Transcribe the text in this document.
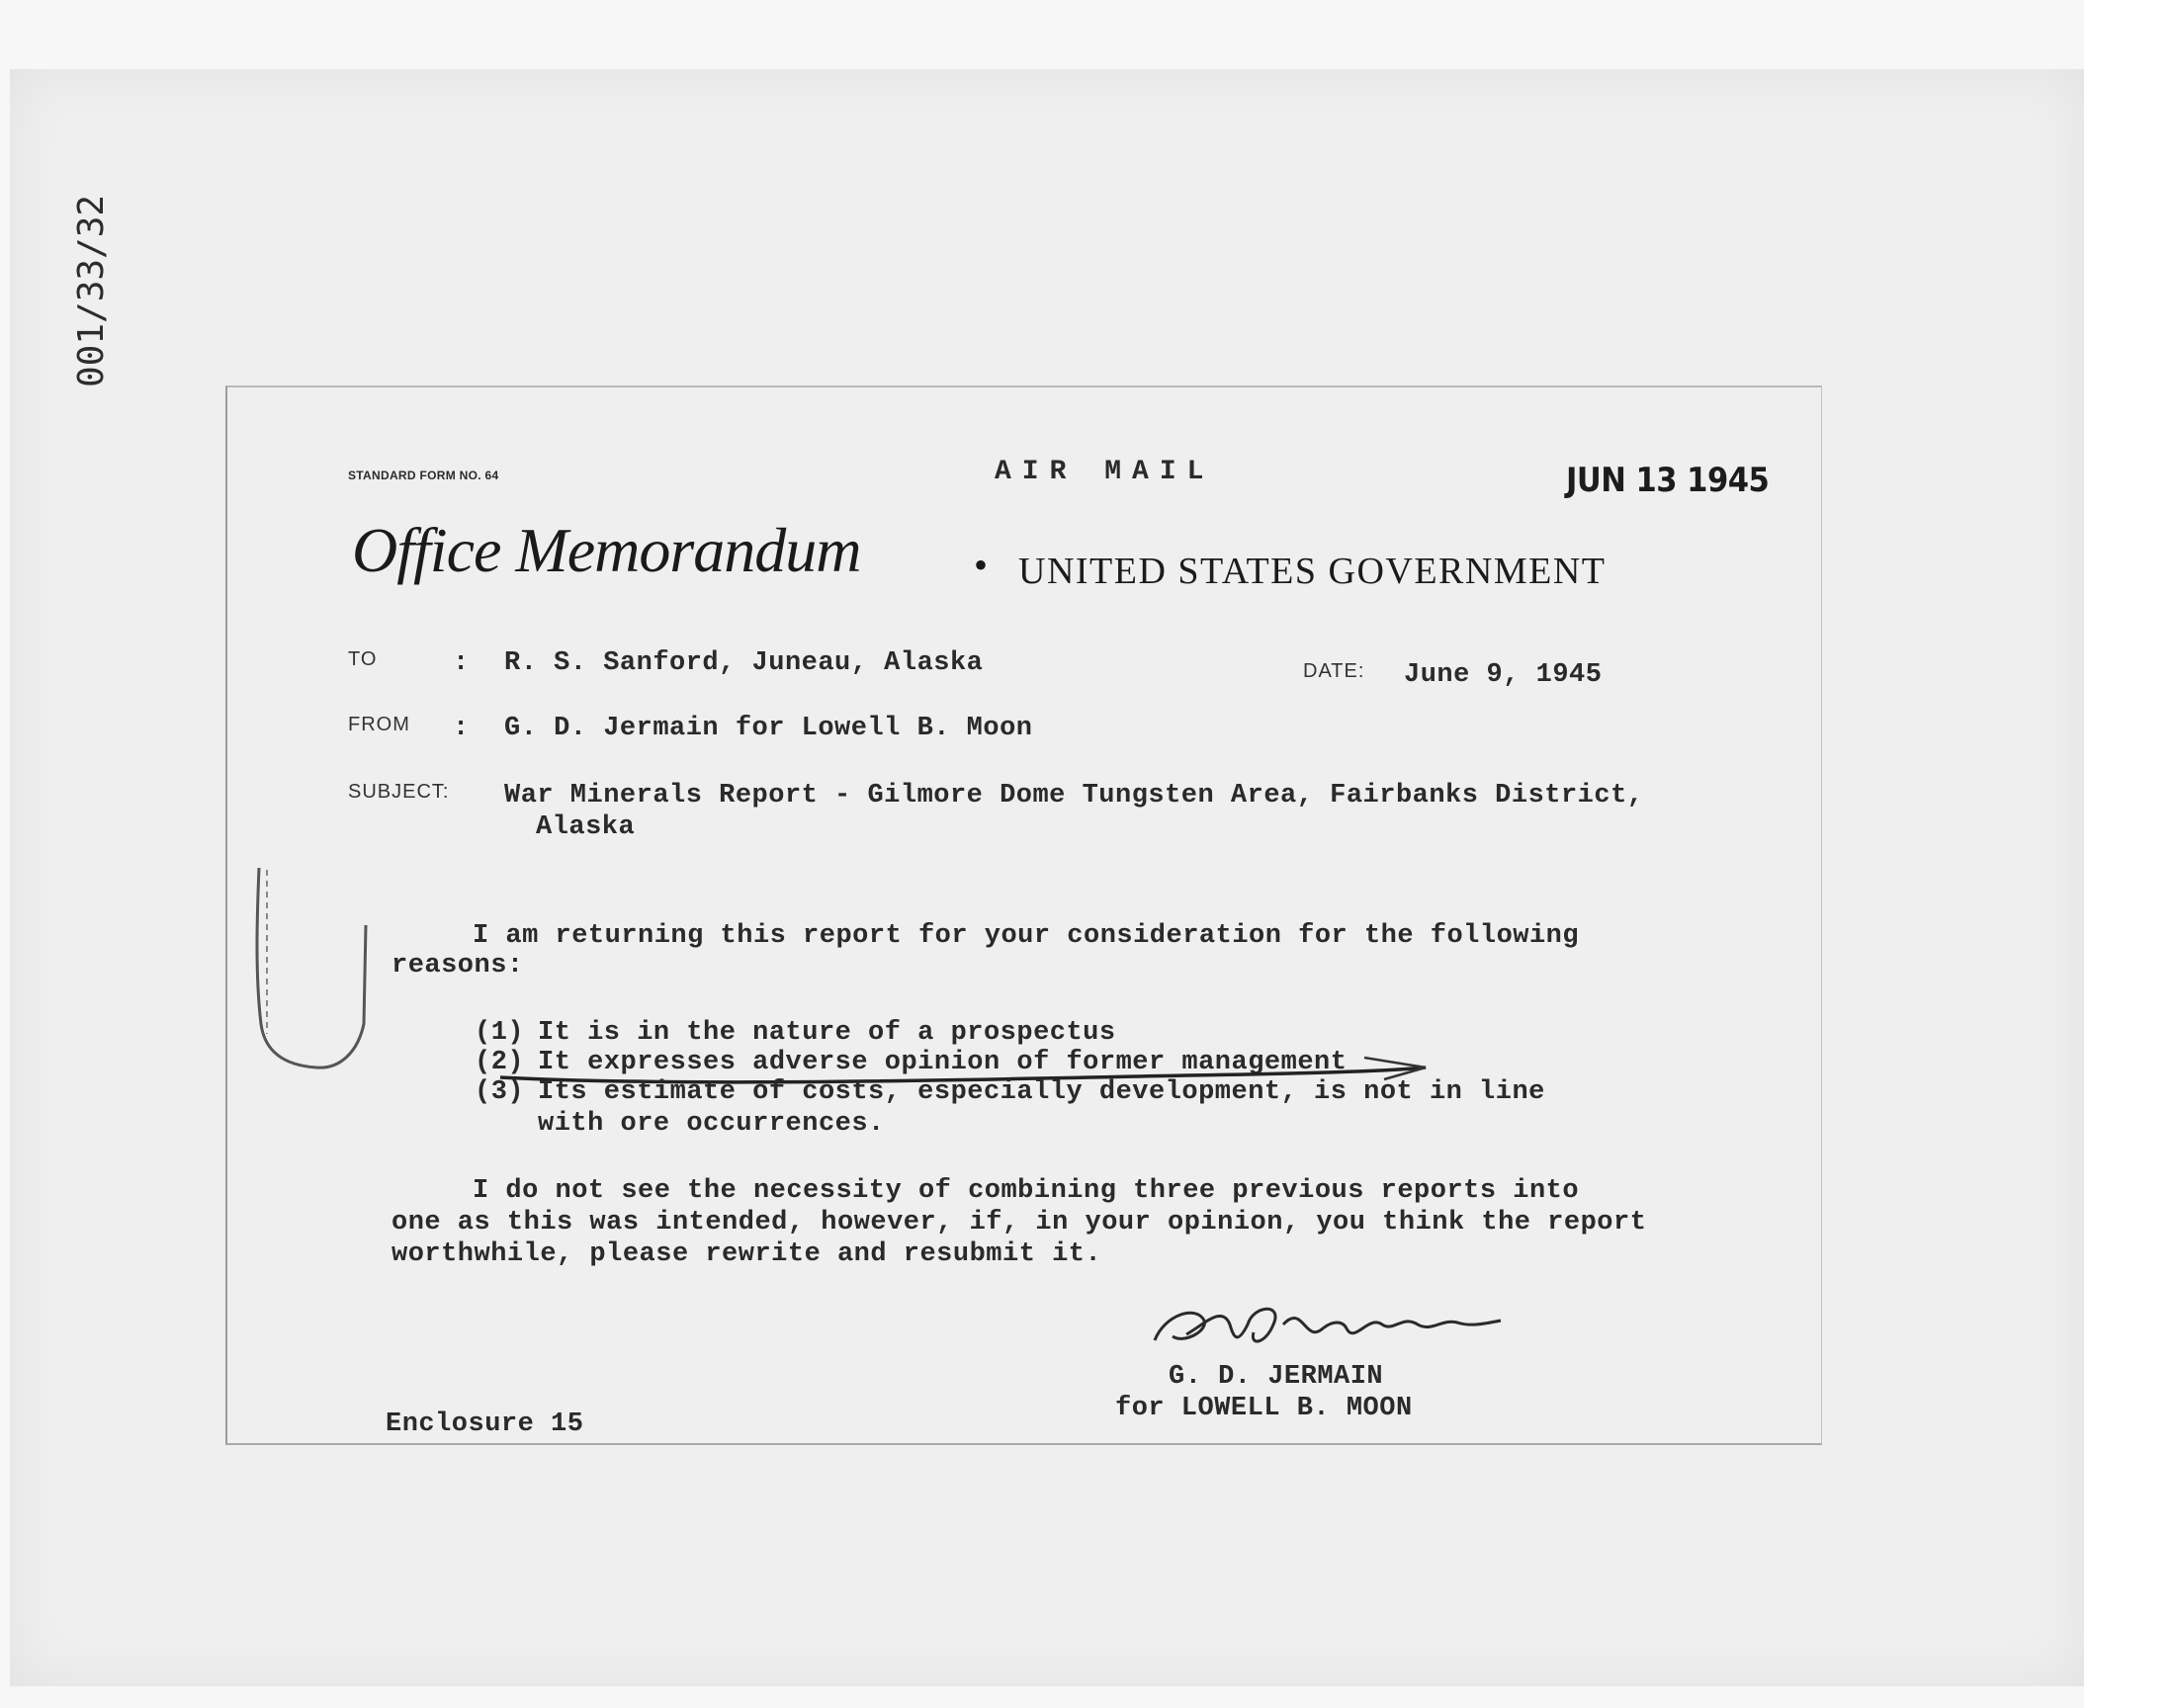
001/33/32
STANDARD FORM NO. 64	AIR MAIL	JUN 13 1945
Office Memorandum	• UNITED STATES GOVERNMENT
TO	: R. S. Sanford, Juneau, Alaska	DATE: June 9, 1945
FROM : G. D. Jermain for Lowell B. Moon
SUBJECT: War Minerals Report - Gilmore Dome Tungsten Area, Fairbanks District,
Alaska
I am returning this report for your consideration for the following
reasons:
(1) It is in the nature of a prospectus
(2) It expresses adverse opinion of former management
(3) Its estimate of costs, especially development, is not in line
with ore occurrences.
I do not see the necessity of combining three previous reports into
one as this was intended, however, if, in your opinion, you think the report
worthwhile, please rewrite and resubmit it.
G. D. JERMAIN
for LOWELL B. MOON
Enclosure 15
